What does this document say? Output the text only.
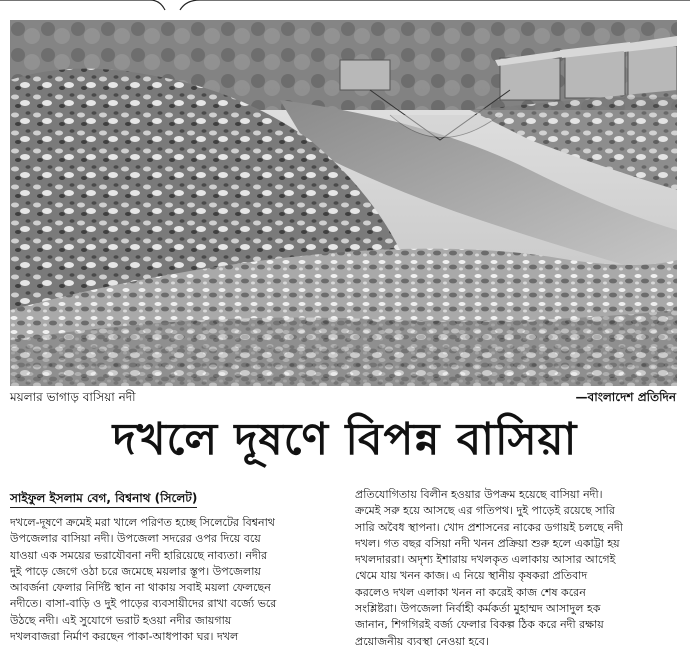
ময়লার ভাগাড় বাসিয়া নদী	—বাংলাদেশ প্রতিদিন
দখলে দূষণে বিপন্ন বাসিয়া
সাইফুল ইসলাম বেগ, বিশ্বনাথ (সিলেট)
দখলে-দূষণে ক্রমেই মরা খালে পরিণত হচ্ছে সিলেটের বিশ্বনাথ
উপজেলার বাসিয়া নদী। উপজেলা সদরের ওপর দিয়ে বয়ে
যাওয়া এক সময়ের ভরাযৌবনা নদী হারিয়েছে নাব্যতা। নদীর
দুই পাড়ে জেগে ওঠা চরে জমেছে ময়লার স্তূপ। উপজেলায়
আবর্জনা ফেলার নির্দিষ্ট স্থান না থাকায় সবাই ময়লা ফেলছেন
নদীতে। বাসা-বাড়ি ও দুই পাড়ের ব্যবসায়ীদের রাখা বর্জ্যে ভরে
উঠছে নদী। এই সুযোগে ভরাট হওয়া নদীর জায়গায়
দখলবাজরা নির্মাণ করছেন পাকা-আধপাকা ঘর। দখল
প্রতিযোগিতায় বিলীন হওয়ার উপক্রম হয়েছে বাসিয়া নদী।
ক্রমেই সরু হয়ে আসছে এর গতিপথ। দুই পাড়েই রয়েছে সারি
সারি অবৈধ স্থাপনা। খোদ প্রশাসনের নাকের ডগায়ই চলছে নদী
দখল। গত বছর বসিয়া নদী খনন প্রক্রিয়া শুরু হলে একাট্টা হয়
দখলদাররা। অদৃশ্য ইশারায় দখলকৃত এলাকায় আসার আগেই
থেমে যায় খনন কাজ। এ নিয়ে স্থানীয় কৃষকরা প্রতিবাদ
করলেও দখল এলাকা খনন না করেই কাজ শেষ করেন
সংশ্লিষ্টরা। উপজেলা নির্বাহী কর্মকর্তা মুহাম্মদ আসাদুল হক
জানান, শিগগিরই বর্জ্য ফেলার বিকল্প ঠিক করে নদী রক্ষায়
প্রয়োজনীয় ব্যবস্থা নেওয়া হবে।
